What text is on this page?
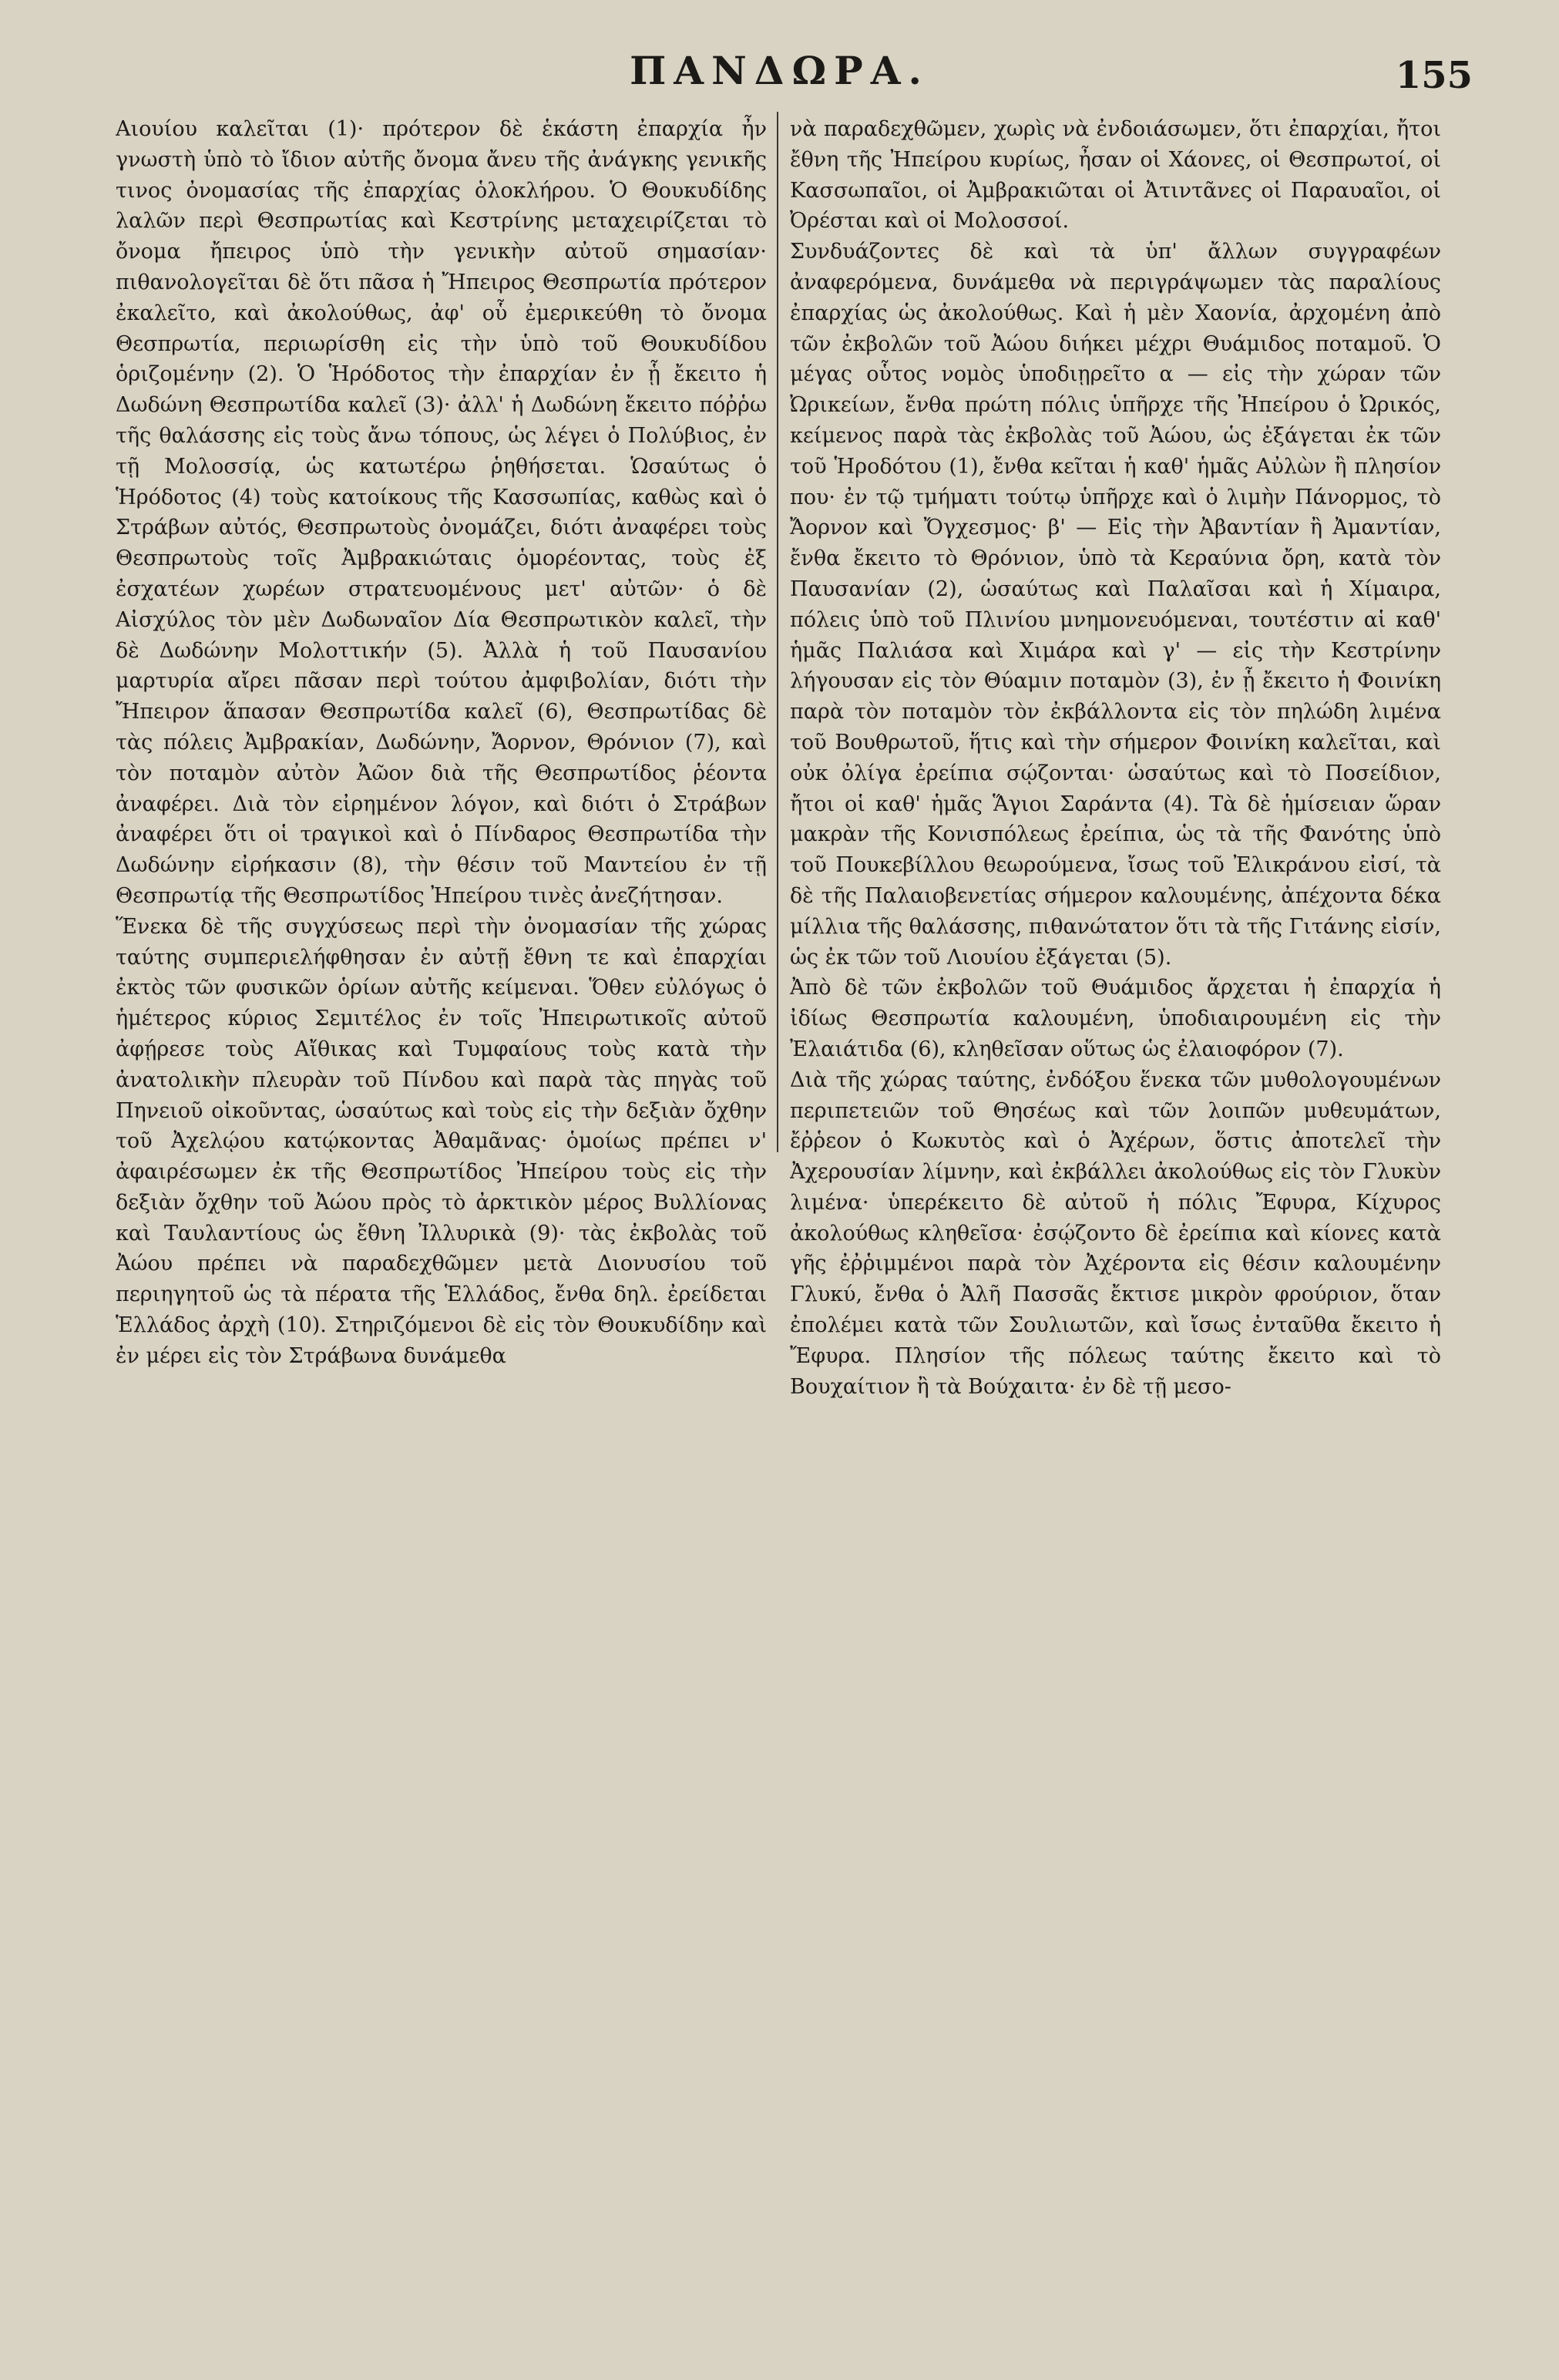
ΠΑΝΔΩΡΑ.	155
Αιουίου καλεῖται (1)· πρότερον δὲ ἑκάστη ἐπαρχία ἦν γνωστὴ ὑπὸ τὸ ἴδιον αὐτῆς ὄνομα ἄνευ τῆς ἀνάγκης γενικῆς τινος ὀνομασίας τῆς ἐπαρχίας ὁλοκλήρου. Ὁ Θουκυδίδης λαλῶν περὶ Θεσπρωτίας καὶ Κεστρίνης μεταχειρίζεται τὸ ὄνομα ἤπειρος ὑπὸ τὴν γενικὴν αὐτοῦ σημασίαν· πιθανολογεῖται δὲ ὅτι πᾶσα ἡ Ἤπειρος Θεσπρωτία πρότερον ἐκαλεῖτο, καὶ ἀκολούθως, ἀφ' οὗ ἐμερικεύθη τὸ ὄνομα Θεσπρωτία, περιωρίσθη εἰς τὴν ὑπὸ τοῦ Θουκυδίδου ὁριζομένην (2). Ὁ Ἡρόδοτος τὴν ἐπαρχίαν ἐν ᾗ ἔκειτο ἡ Δωδώνη Θεσπρωτίδα καλεῖ (3)· ἀλλ' ἡ Δωδώνη ἔκειτο πόῤῥω τῆς θαλάσσης εἰς τοὺς ἄνω τόπους, ὡς λέγει ὁ Πολύβιος, ἐν τῇ Μολοσσίᾳ, ὡς κατωτέρω ῥηθήσεται. Ὡσαύτως ὁ Ἡρόδοτος (4) τοὺς κατοίκους τῆς Κασσωπίας, καθὼς καὶ ὁ Στράβων αὐτός, Θεσπρωτοὺς ὀνομάζει, διότι ἀναφέρει τοὺς Θεσπρωτοὺς τοῖς Ἀμβρακιώταις ὁμορέοντας, τοὺς ἐξ ἐσχατέων χωρέων στρατευομένους μετ' αὐτῶν· ὁ δὲ Αἰσχύλος τὸν μὲν Δωδωναῖον Δία Θεσπρωτικὸν καλεῖ, τὴν δὲ Δωδώνην Μολοττικήν (5). Ἀλλὰ ἡ τοῦ Παυσανίου μαρτυρία αἴρει πᾶσαν περὶ τούτου ἀμφιβολίαν, διότι τὴν Ἤπειρον ἅπασαν Θεσπρωτίδα καλεῖ (6), Θεσπρωτίδας δὲ τὰς πόλεις Ἀμβρακίαν, Δωδώνην, Ἄορνον, Θρόνιον (7), καὶ τὸν ποταμὸν αὐτὸν Ἀῶον διὰ τῆς Θεσπρωτίδος ῥέοντα ἀναφέρει. Διὰ τὸν εἰρημένον λόγον, καὶ διότι ὁ Στράβων ἀναφέρει ὅτι οἱ τραγικοὶ καὶ ὁ Πίνδαρος Θεσπρωτίδα τὴν Δωδώνην εἰρήκασιν (8), τὴν θέσιν τοῦ Μαντείου ἐν τῇ Θεσπρωτίᾳ τῆς Θεσπρωτίδος Ἠπείρου τινὲς ἀνεζήτησαν.
Ἕνεκα δὲ τῆς συγχύσεως περὶ τὴν ὀνομασίαν τῆς χώρας ταύτης συμπεριελήφθησαν ἐν αὐτῇ ἔθνη τε καὶ ἐπαρχίαι ἐκτὸς τῶν φυσικῶν ὁρίων αὐτῆς κείμεναι. Ὅθεν εὐλόγως ὁ ἡμέτερος κύριος Σεμιτέλος ἐν τοῖς Ἠπειρωτικοῖς αὐτοῦ ἀφῄρεσε τοὺς Αἴθικας καὶ Τυμφαίους τοὺς κατὰ τὴν ἀνατολικὴν πλευρὰν τοῦ Πίνδου καὶ παρὰ τὰς πηγὰς τοῦ Πηνειοῦ οἰκοῦντας, ὡσαύτως καὶ τοὺς εἰς τὴν δεξιὰν ὄχθην τοῦ Ἀχελῴου κατῴκοντας Ἀθαμᾶνας· ὁμοίως πρέπει ν' ἀφαιρέσωμεν ἐκ τῆς Θεσπρωτίδος Ἠπείρου τοὺς εἰς τὴν δεξιὰν ὄχθην τοῦ Ἀώου πρὸς τὸ ἀρκτικὸν μέρος Βυλλίονας καὶ Ταυλαντίους ὡς ἔθνη Ἰλλυρικὰ (9)· τὰς ἐκβολὰς τοῦ Ἀώου πρέπει νὰ παραδεχθῶμεν μετὰ Διονυσίου τοῦ περιηγητοῦ ὡς τὰ πέρατα τῆς Ἑλλάδος, ἔνθα δηλ. ἐρείδεται Ἑλλάδος ἀρχὴ (10). Στηριζόμενοι δὲ εἰς τὸν Θουκυδίδην καὶ ἐν μέρει εἰς τὸν Στράβωνα δυνάμεθα
νὰ παραδεχθῶμεν, χωρὶς νὰ ἐνδοιάσωμεν, ὅτι ἐπαρχίαι, ἤτοι ἔθνη τῆς Ἠπείρου κυρίως, ἦσαν οἱ Χάονες, οἱ Θεσπρωτοί, οἱ Κασσωπαῖοι, οἱ Ἀμβρακιῶται οἱ Ἀτιντᾶνες οἱ Παραυαῖοι, οἱ Ὀρέσται καὶ οἱ Μολοσσοί.
Συνδυάζοντες δὲ καὶ τὰ ὑπ' ἄλλων συγγραφέων ἀναφερόμενα, δυνάμεθα νὰ περιγράψωμεν τὰς παραλίους ἐπαρχίας ὡς ἀκολούθως. Καὶ ἡ μὲν Χαονία, ἀρχομένη ἀπὸ τῶν ἐκβολῶν τοῦ Ἀώου διήκει μέχρι Θυάμιδος ποταμοῦ. Ὁ μέγας οὗτος νομὸς ὑποδιῃρεῖτο α — εἰς τὴν χώραν τῶν Ὠρικείων, ἔνθα πρώτη πόλις ὑπῆρχε τῆς Ἠπείρου ὁ Ὠρικός, κείμενος παρὰ τὰς ἐκβολὰς τοῦ Ἀώου, ὡς ἐξάγεται ἐκ τῶν τοῦ Ἡροδότου (1), ἔνθα κεῖται ἡ καθ' ἡμᾶς Αὐλὼν ἢ πλησίον που· ἐν τῷ τμήματι τούτῳ ὑπῆρχε καὶ ὁ λιμὴν Πάνορμος, τὸ Ἄορνον καὶ Ὄγχεσμος· β' — Εἰς τὴν Ἀβαντίαν ἢ Ἀμαντίαν, ἔνθα ἔκειτο τὸ Θρόνιον, ὑπὸ τὰ Κεραύνια ὄρη, κατὰ τὸν Παυσανίαν (2), ὡσαύτως καὶ Παλαῖσαι καὶ ἡ Χίμαιρα, πόλεις ὑπὸ τοῦ Πλινίου μνημονευόμεναι, τουτέστιν αἱ καθ' ἡμᾶς Παλιάσα καὶ Χιμάρα καὶ γ' — εἰς τὴν Κεστρίνην λήγουσαν εἰς τὸν Θύαμιν ποταμὸν (3), ἐν ᾗ ἔκειτο ἡ Φοινίκη παρὰ τὸν ποταμὸν τὸν ἐκβάλλοντα εἰς τὸν πηλώδη λιμένα τοῦ Βουθρωτοῦ, ἥτις καὶ τὴν σήμερον Φοινίκη καλεῖται, καὶ οὐκ ὀλίγα ἐρείπια σῴζονται· ὡσαύτως καὶ τὸ Ποσείδιον, ἤτοι οἱ καθ' ἡμᾶς Ἅγιοι Σαράντα (4). Τὰ δὲ ἡμίσειαν ὥραν μακρὰν τῆς Κονισπόλεως ἐρείπια, ὡς τὰ τῆς Φανότης ὑπὸ τοῦ Πουκεβίλλου θεωρούμενα, ἴσως τοῦ Ἐλικράνου εἰσί, τὰ δὲ τῆς Παλαιοβενετίας σήμερον καλουμένης, ἀπέχοντα δέκα μίλλια τῆς θαλάσσης, πιθανώτατον ὅτι τὰ τῆς Γιτάνης εἰσίν, ὡς ἐκ τῶν τοῦ Λιουίου ἐξάγεται (5).
Ἀπὸ δὲ τῶν ἐκβολῶν τοῦ Θυάμιδος ἄρχεται ἡ ἐπαρχία ἡ ἰδίως Θεσπρωτία καλουμένη, ὑποδιαιρουμένη εἰς τὴν Ἐλαιάτιδα (6), κληθεῖσαν οὕτως ὡς ἐλαιοφόρον (7).
Διὰ τῆς χώρας ταύτης, ἐνδόξου ἕνεκα τῶν μυθολογουμένων περιπετειῶν τοῦ Θησέως καὶ τῶν λοιπῶν μυθευμάτων, ἔῤῥεον ὁ Κωκυτὸς καὶ ὁ Ἀχέρων, ὅστις ἀποτελεῖ τὴν Ἀχερουσίαν λίμνην, καὶ ἐκβάλλει ἀκολούθως εἰς τὸν Γλυκὺν λιμένα· ὑπερέκειτο δὲ αὐτοῦ ἡ πόλις Ἔφυρα, Κίχυρος ἀκολούθως κληθεῖσα· ἐσῴζοντο δὲ ἐρείπια καὶ κίονες κατὰ γῆς ἐῤῥιμμένοι παρὰ τὸν Ἀχέροντα εἰς θέσιν καλουμένην Γλυκύ, ἔνθα ὁ Ἀλῆ Πασσᾶς ἔκτισε μικρὸν φρούριον, ὅταν ἐπολέμει κατὰ τῶν Σουλιωτῶν, καὶ ἴσως ἐνταῦθα ἔκειτο ἡ Ἔφυρα. Πλησίον τῆς πόλεως ταύτης ἔκειτο καὶ τὸ Βουχαίτιον ἢ τὰ Βούχαιτα· ἐν δὲ τῇ μεσο-
